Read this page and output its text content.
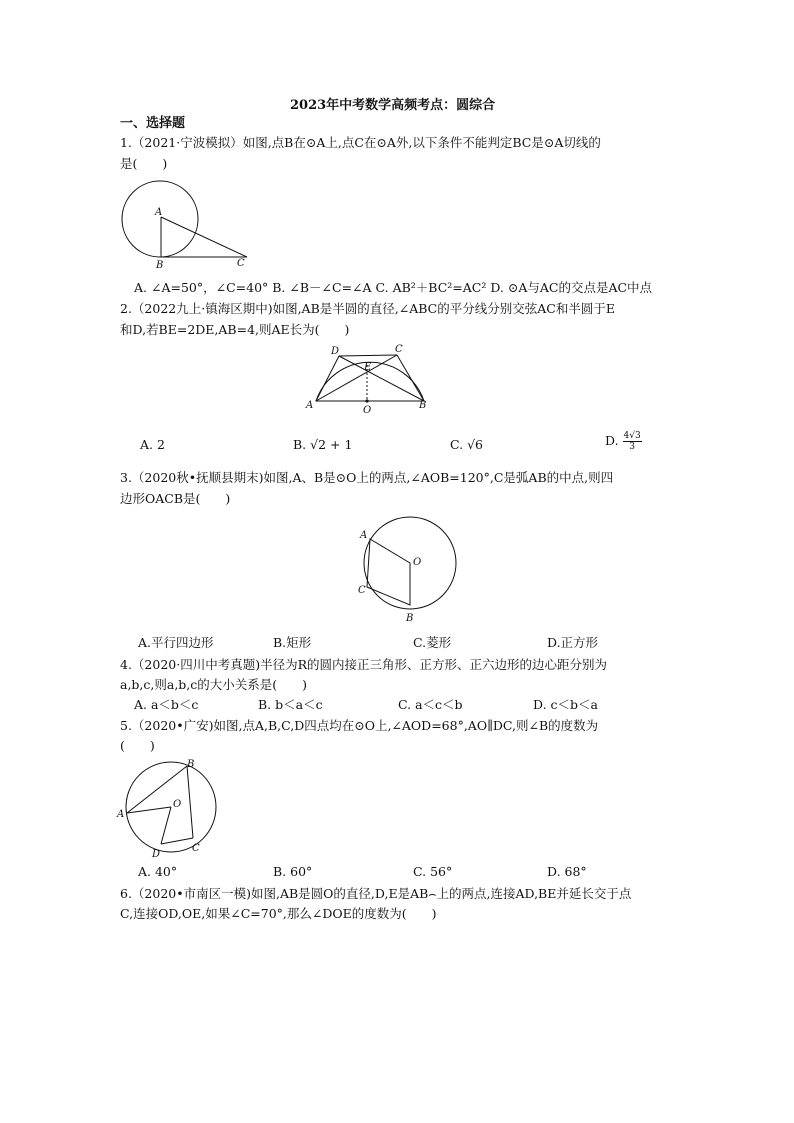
2023年中考数学高频考点：圆综合
一、选择题
1.（2021·宁波模拟）如图,点B在⊙A上,点C在⊙A外,以下条件不能判定BC是⊙A切线的
是(　　)
A
B	C
A. ∠A=50°，∠C=40° B. ∠B－∠C=∠A C. AB²＋BC²=AC² D. ⊙A与AC的交点是AC中点
2.（2022九上·镇海区期中)如图,AB是半圆的直径,∠ABC的平分线分别交弦AC和半圆于E
和D,若BE=2DE,AB=4,则AE长为(　　)
A	B
C
D
E
O
A. 2	B. √2 + 1	C. √6	D. $\frac{4√3}{3}$
3.（2020秋•抚顺县期末)如图,A、B是⊙O上的两点,∠AOB=120°,C是弧AB的中点,则四
边形OACB是(　　)
A
C
O
B
A.平行四边形	B.矩形	C.菱形	D.正方形
4.（2020·四川中考真题)半径为R的圆内接正三角形、正方形、正六边形的边心距分别为
a,b,c,则a,b,c的大小关系是(　　)
A. a＜b＜c	B. b＜a＜c	C. a＜c＜b	D. c＜b＜a
5.（2020•广安)如图,点A,B,C,D四点均在⊙O上,∠AOD=68°,AO∥DC,则∠B的度数为
(　　)
A
B
O
D
C
A. 40°	B. 60°	C. 56°	D. 68°
6.（2020•市南区一模)如图,AB是圆O的直径,D,E是AB⌢上的两点,连接AD,BE并延长交于点
C,连接OD,OE,如果∠C=70°,那么∠DOE的度数为(　　)
